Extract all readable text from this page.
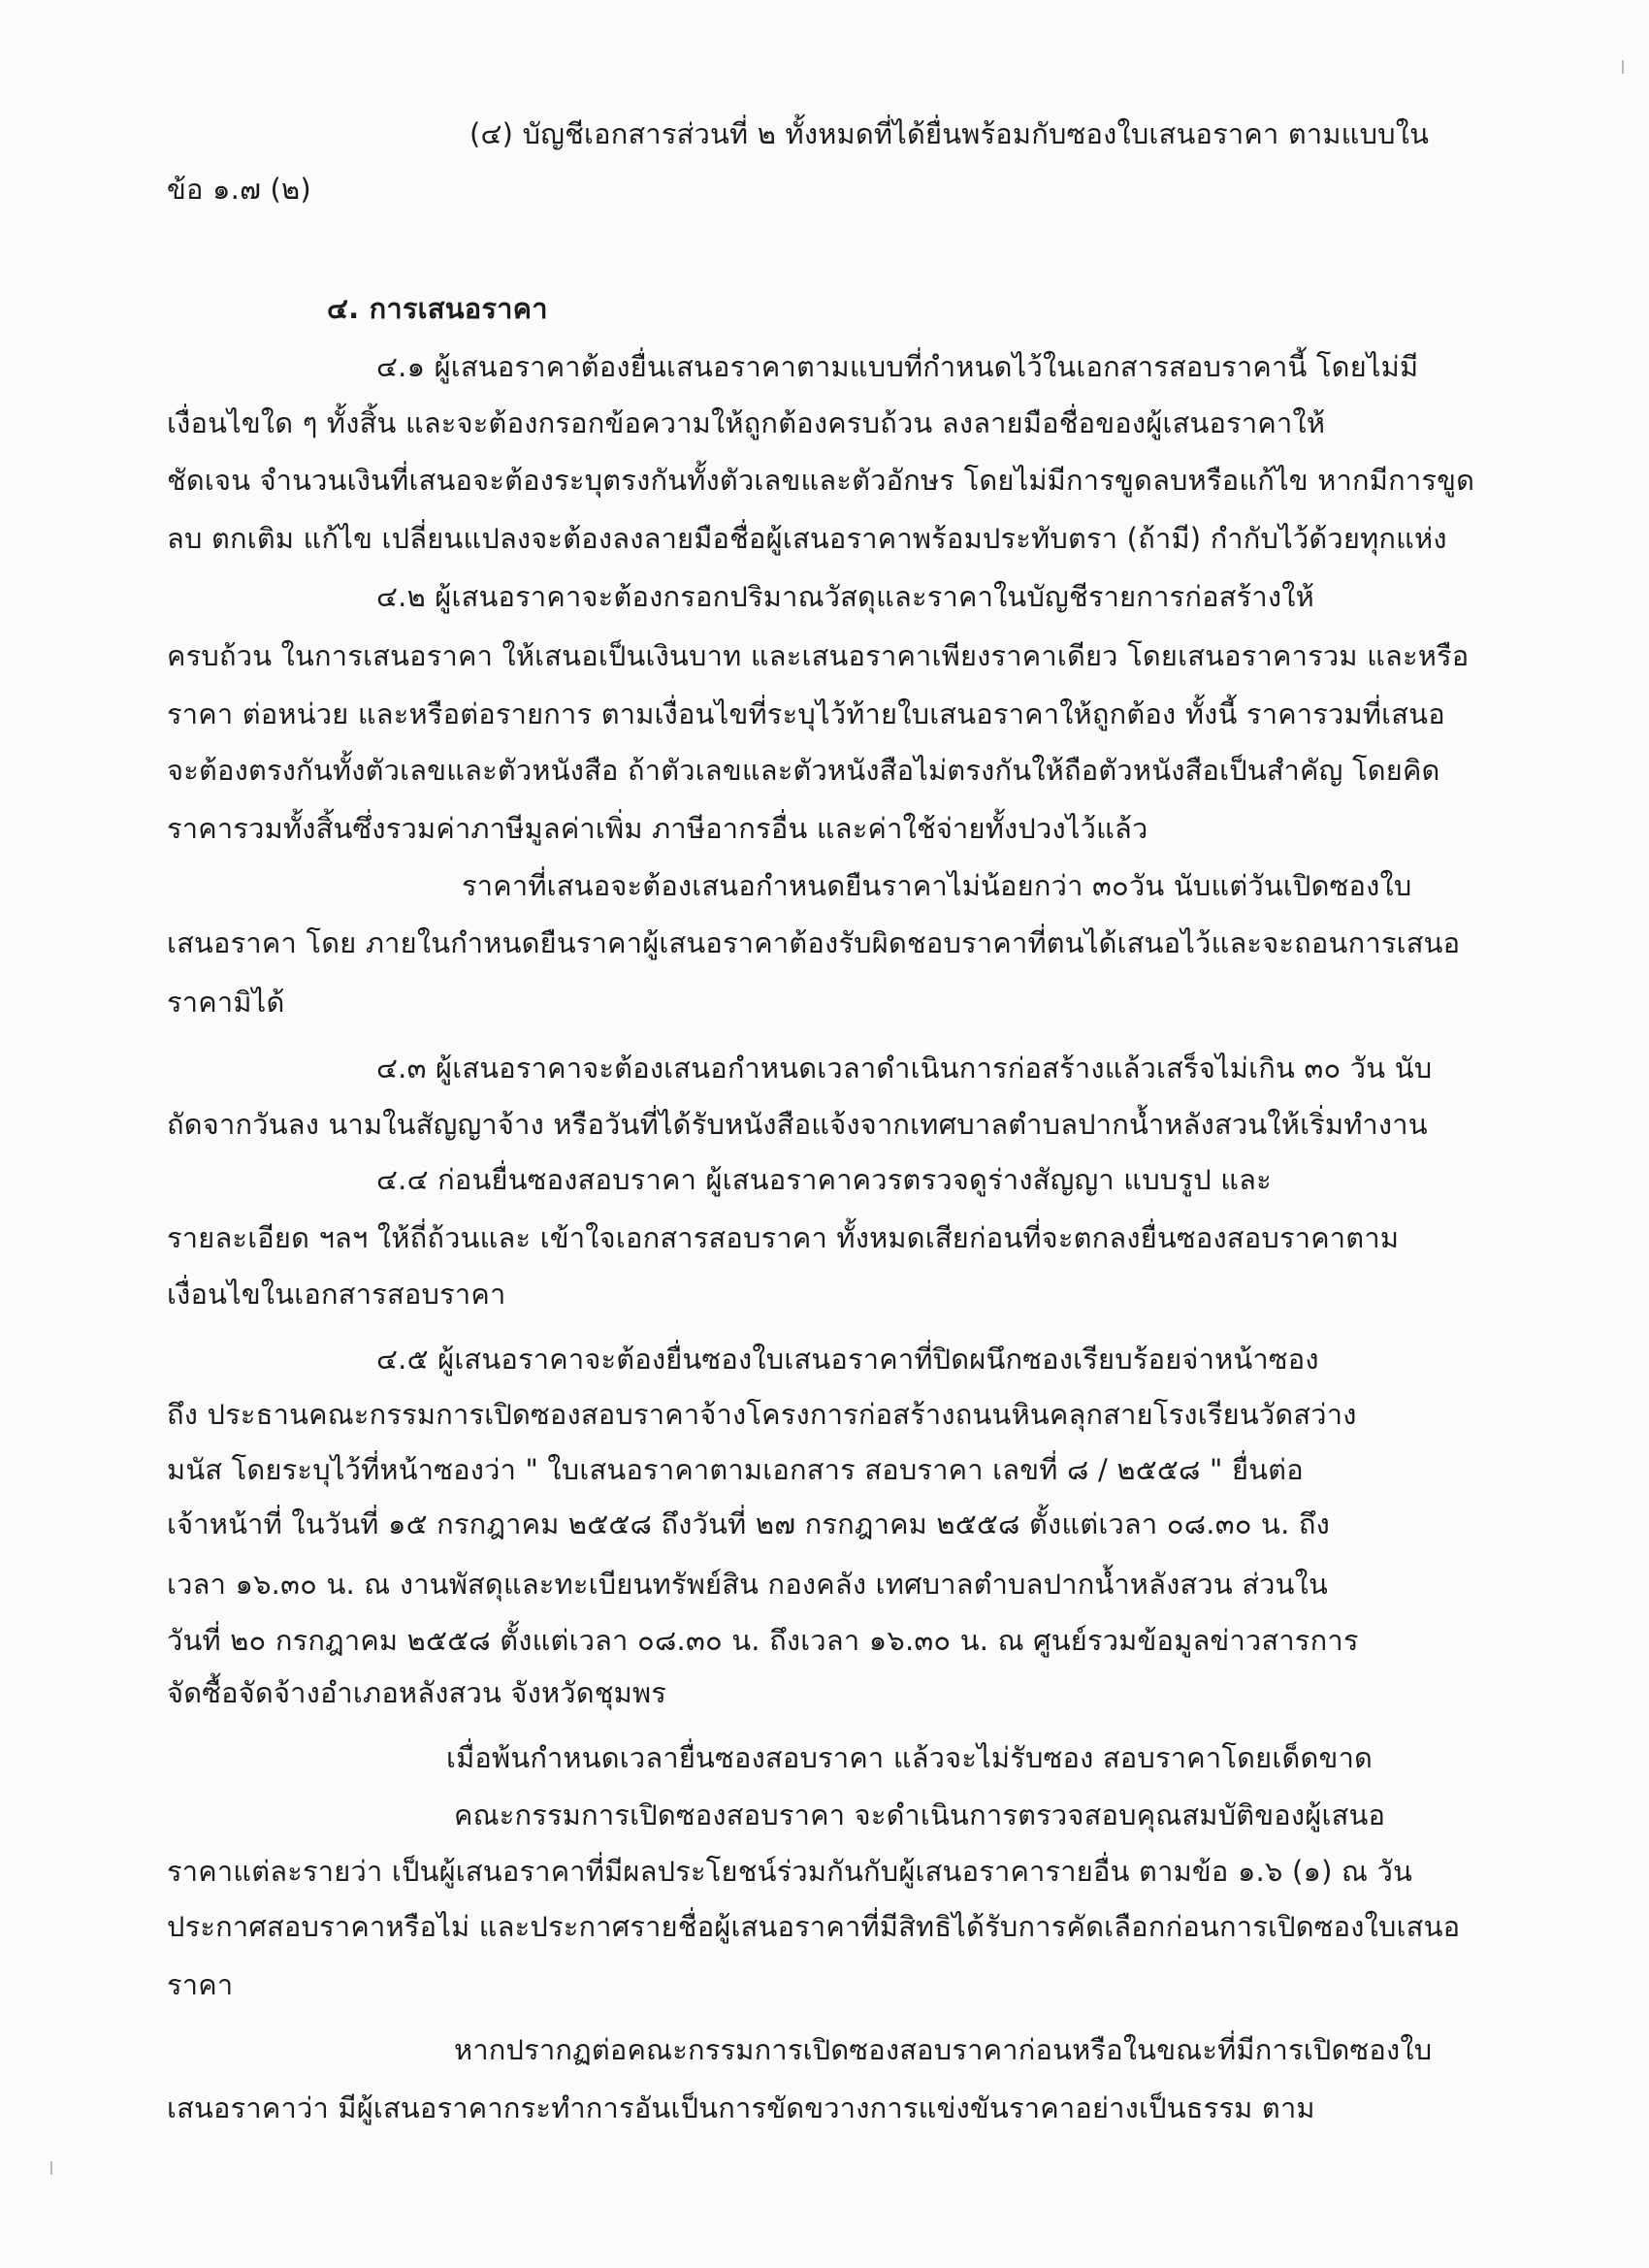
(๔) บัญชีเอกสารส่วนที่ ๒ ทั้งหมดที่ได้ยื่นพร้อมกับซองใบเสนอราคา ตามแบบใน
ข้อ ๑.๗ (๒)
๔. การเสนอราคา
๔.๑ ผู้เสนอราคาต้องยื่นเสนอราคาตามแบบที่กำหนดไว้ในเอกสารสอบราคานี้ โดยไม่มี
เงื่อนไขใด ๆ ทั้งสิ้น และจะต้องกรอกข้อความให้ถูกต้องครบถ้วน ลงลายมือชื่อของผู้เสนอราคาให้
ชัดเจน จำนวนเงินที่เสนอจะต้องระบุตรงกันทั้งตัวเลขและตัวอักษร โดยไม่มีการขูดลบหรือแก้ไข หากมีการขูด
ลบ ตกเติม แก้ไข เปลี่ยนแปลงจะต้องลงลายมือชื่อผู้เสนอราคาพร้อมประทับตรา (ถ้ามี) กำกับไว้ด้วยทุกแห่ง
๔.๒ ผู้เสนอราคาจะต้องกรอกปริมาณวัสดุและราคาในบัญชีรายการก่อสร้างให้
ครบถ้วน ในการเสนอราคา ให้เสนอเป็นเงินบาท และเสนอราคาเพียงราคาเดียว โดยเสนอราคารวม และหรือ
ราคา ต่อหน่วย และหรือต่อรายการ ตามเงื่อนไขที่ระบุไว้ท้ายใบเสนอราคาให้ถูกต้อง ทั้งนี้ ราคารวมที่เสนอ
จะต้องตรงกันทั้งตัวเลขและตัวหนังสือ ถ้าตัวเลขและตัวหนังสือไม่ตรงกันให้ถือตัวหนังสือเป็นสำคัญ โดยคิด
ราคารวมทั้งสิ้นซึ่งรวมค่าภาษีมูลค่าเพิ่ม ภาษีอากรอื่น และค่าใช้จ่ายทั้งปวงไว้แล้ว
ราคาที่เสนอจะต้องเสนอกำหนดยืนราคาไม่น้อยกว่า ๓๐วัน นับแต่วันเปิดซองใบ
เสนอราคา โดย ภายในกำหนดยืนราคาผู้เสนอราคาต้องรับผิดชอบราคาที่ตนได้เสนอไว้และจะถอนการเสนอ
ราคามิได้
๔.๓ ผู้เสนอราคาจะต้องเสนอกำหนดเวลาดำเนินการก่อสร้างแล้วเสร็จไม่เกิน ๓๐ วัน นับ
ถัดจากวันลง นามในสัญญาจ้าง หรือวันที่ได้รับหนังสือแจ้งจากเทศบาลตำบลปากน้ำหลังสวนให้เริ่มทำงาน
๔.๔ ก่อนยื่นซองสอบราคา ผู้เสนอราคาควรตรวจดูร่างสัญญา แบบรูป และ
รายละเอียด ฯลฯ ให้ถี่ถ้วนและ เข้าใจเอกสารสอบราคา ทั้งหมดเสียก่อนที่จะตกลงยื่นซองสอบราคาตาม
เงื่อนไขในเอกสารสอบราคา
๔.๕ ผู้เสนอราคาจะต้องยื่นซองใบเสนอราคาที่ปิดผนึกซองเรียบร้อยจ่าหน้าซอง
ถึง ประธานคณะกรรมการเปิดซองสอบราคาจ้างโครงการก่อสร้างถนนหินคลุกสายโรงเรียนวัดสว่าง
มนัส โดยระบุไว้ที่หน้าซองว่า " ใบเสนอราคาตามเอกสาร สอบราคา เลขที่ ๘ / ๒๕๕๘ " ยื่นต่อ
เจ้าหน้าที่ ในวันที่ ๑๕ กรกฎาคม ๒๕๕๘ ถึงวันที่ ๒๗ กรกฎาคม ๒๕๕๘ ตั้งแต่เวลา ๐๘.๓๐ น. ถึง
เวลา ๑๖.๓๐ น. ณ งานพัสดุและทะเบียนทรัพย์สิน กองคลัง เทศบาลตำบลปากน้ำหลังสวน ส่วนใน
วันที่ ๒๐ กรกฎาคม ๒๕๕๘ ตั้งแต่เวลา ๐๘.๓๐ น. ถึงเวลา ๑๖.๓๐ น. ณ ศูนย์รวมข้อมูลข่าวสารการ
จัดซื้อจัดจ้างอำเภอหลังสวน จังหวัดชุมพร
เมื่อพ้นกำหนดเวลายื่นซองสอบราคา แล้วจะไม่รับซอง สอบราคาโดยเด็ดขาด
คณะกรรมการเปิดซองสอบราคา จะดำเนินการตรวจสอบคุณสมบัติของผู้เสนอ
ราคาแต่ละรายว่า เป็นผู้เสนอราคาที่มีผลประโยชน์ร่วมกันกับผู้เสนอราคารายอื่น ตามข้อ ๑.๖ (๑) ณ วัน
ประกาศสอบราคาหรือไม่ และประกาศรายชื่อผู้เสนอราคาที่มีสิทธิได้รับการคัดเลือกก่อนการเปิดซองใบเสนอ
ราคา
หากปรากฏต่อคณะกรรมการเปิดซองสอบราคาก่อนหรือในขณะที่มีการเปิดซองใบ
เสนอราคาว่า มีผู้เสนอราคากระทำการอันเป็นการขัดขวางการแข่งขันราคาอย่างเป็นธรรม ตาม
